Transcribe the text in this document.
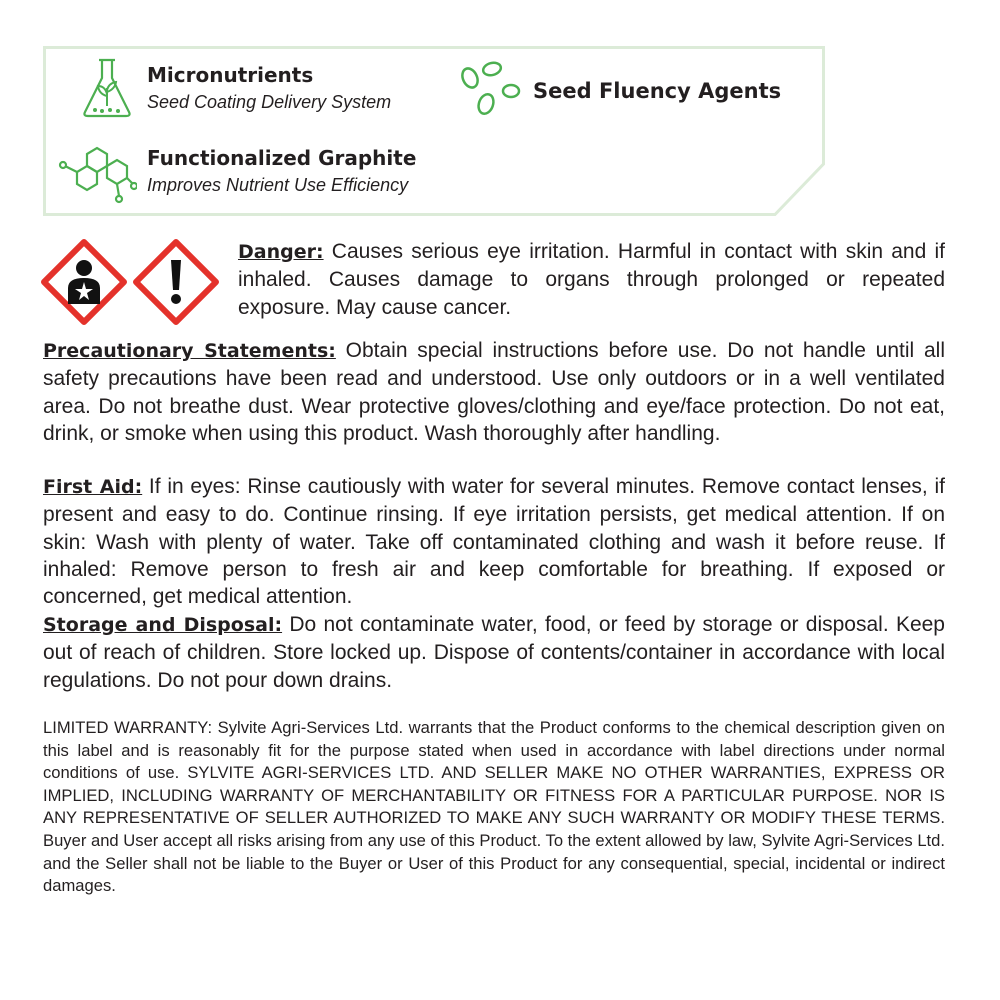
Micronutrients
Seed Coating Delivery System	Seed Fluency Agents
Functionalized Graphite
Improves Nutrient Use Efficiency
Danger: Causes serious eye irritation. Harmful in contact with skin and if inhaled. Causes damage to organs through prolonged or repeated exposure. May cause cancer.
Precautionary Statements: Obtain special instructions before use. Do not handle until all safety precautions have been read and understood. Use only outdoors or in a well ventilated area. Do not breathe dust. Wear protective gloves/clothing and eye/face protection. Do not eat, drink, or smoke when using this product. Wash thoroughly after handling.
First Aid: If in eyes: Rinse cautiously with water for several minutes. Remove contact lenses, if present and easy to do. Continue rinsing. If eye irritation persists, get medical attention. If on skin: Wash with plenty of water. Take off contaminated clothing and wash it before reuse. If inhaled: Remove person to fresh air and keep comfortable for breathing. If exposed or concerned, get medical attention.
Storage and Disposal: Do not contaminate water, food, or feed by storage or disposal. Keep out of reach of children. Store locked up. Dispose of contents/container in accordance with local regulations. Do not pour down drains.
LIMITED WARRANTY: Sylvite Agri-Services Ltd. warrants that the Product conforms to the chemical description given on this label and is reasonably fit for the purpose stated when used in accordance with label directions under normal conditions of use. SYLVITE AGRI-SERVICES LTD. AND SELLER MAKE NO OTHER WARRANTIES, EXPRESS OR IMPLIED, INCLUDING WARRANTY OF MERCHANTABILITY OR FITNESS FOR A PARTICULAR PURPOSE. NOR IS ANY REPRESENTATIVE OF SELLER AUTHORIZED TO MAKE ANY SUCH WARRANTY OR MODIFY THESE TERMS. Buyer and User accept all risks arising from any use of this Product. To the extent allowed by law, Sylvite Agri-Services Ltd. and the Seller shall not be liable to the Buyer or User of this Product for any consequential, special, incidental or indirect damages.
